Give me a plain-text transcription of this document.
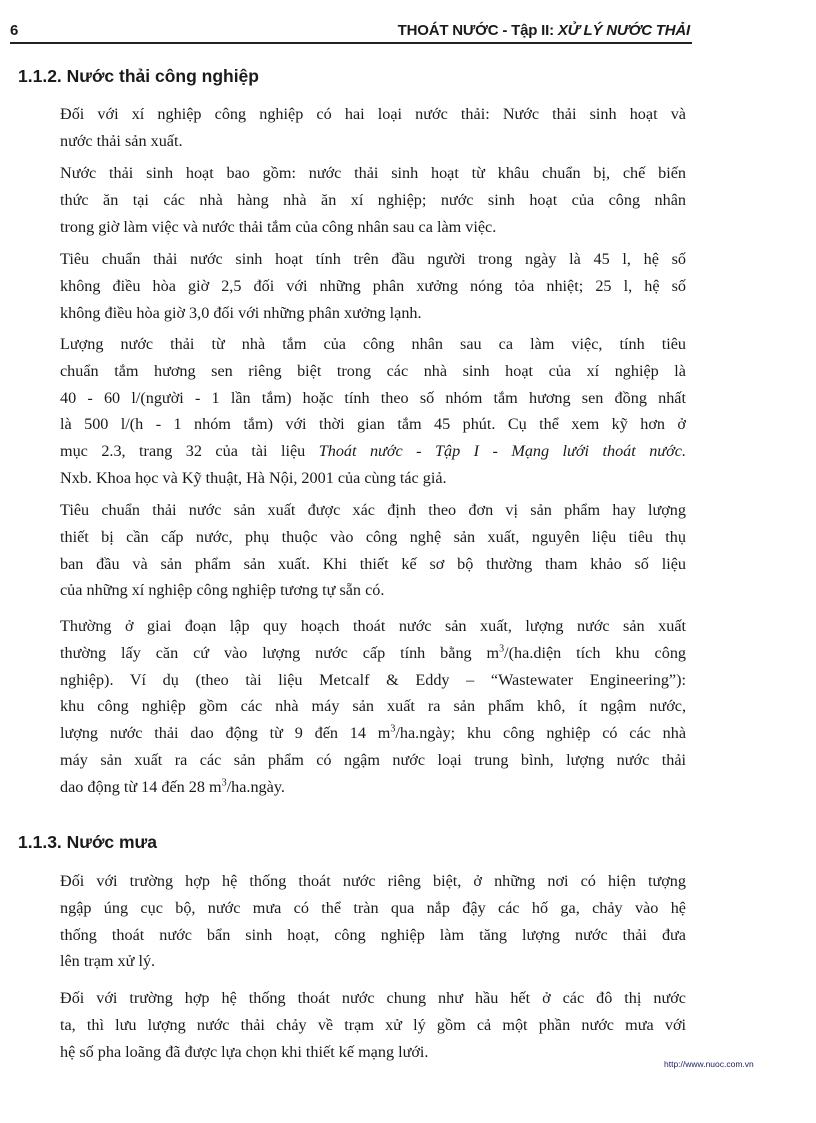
6	THOÁT NƯỚC - Tập II: XỬ LÝ NƯỚC THẢI
1.1.2. Nước thải công nghiệp

Đối với xí nghiệp công nghiệp có hai loại nước thải: Nước thải sinh hoạt và
nước thải sản xuất.

Nước thải sinh hoạt bao gồm: nước thải sinh hoạt từ khâu chuẩn bị, chế biến
thức ăn tại các nhà hàng nhà ăn xí nghiệp; nước sinh hoạt của công nhân
trong giờ làm việc và nước thải tắm của công nhân sau ca làm việc.

Tiêu chuẩn thải nước sinh hoạt tính trên đầu người trong ngày là 45 l, hệ số
không điều hòa giờ 2,5 đối với những phân xưởng nóng tỏa nhiệt; 25 l, hệ số
không điều hòa giờ 3,0 đối với những phân xưởng lạnh.

Lượng nước thải từ nhà tắm của công nhân sau ca làm việc, tính tiêu
chuẩn tắm hương sen riêng biệt trong các nhà sinh hoạt của xí nghiệp là
40 - 60 l/(người - 1 lần tắm) hoặc tính theo số nhóm tắm hương sen đồng nhất
là 500 l/(h - 1 nhóm tắm) với thời gian tắm 45 phút. Cụ thể xem kỹ hơn ở
mục 2.3, trang 32 của tài liệu Thoát nước - Tập I - Mạng lưới thoát nước.
Nxb. Khoa học và Kỹ thuật, Hà Nội, 2001 của cùng tác giả.

Tiêu chuẩn thải nước sản xuất được xác định theo đơn vị sản phẩm hay lượng
thiết bị cần cấp nước, phụ thuộc vào công nghệ sản xuất, nguyên liệu tiêu thụ
ban đầu và sản phẩm sản xuất. Khi thiết kế sơ bộ thường tham khảo số liệu
của những xí nghiệp công nghiệp tương tự sẵn có.

Thường ở giai đoạn lập quy hoạch thoát nước sản xuất, lượng nước sản xuất
thường lấy căn cứ vào lượng nước cấp tính bằng $m^3/(ha.diện$ tích khu công
nghiệp). Ví dụ (theo tài liệu Metcalf & Eddy – “Wastewater Engineering”):
khu công nghiệp gồm các nhà máy sản xuất ra sản phẩm khô, ít ngậm nước,
lượng nước thải dao động từ 9 đến 14 $m^3/ha.ngày$; khu công nghiệp có các nhà
máy sản xuất ra các sản phẩm có ngậm nước loại trung bình, lượng nước thải
dao động từ 14 đến 28 $m^3/ha.ngày$.

1.1.3. Nước mưa

Đối với trường hợp hệ thống thoát nước riêng biệt, ở những nơi có hiện tượng
ngập úng cục bộ, nước mưa có thể tràn qua nắp đậy các hố ga, chảy vào hệ
thống thoát nước bẩn sinh hoạt, công nghiệp làm tăng lượng nước thải đưa
lên trạm xử lý.

Đối với trường hợp hệ thống thoát nước chung như hầu hết ở các đô thị nước
ta, thì lưu lượng nước thải chảy về trạm xử lý gồm cả một phần nước mưa với
hệ số pha loãng đã được lựa chọn khi thiết kế mạng lưới.

http://www.nuoc.com.vn
